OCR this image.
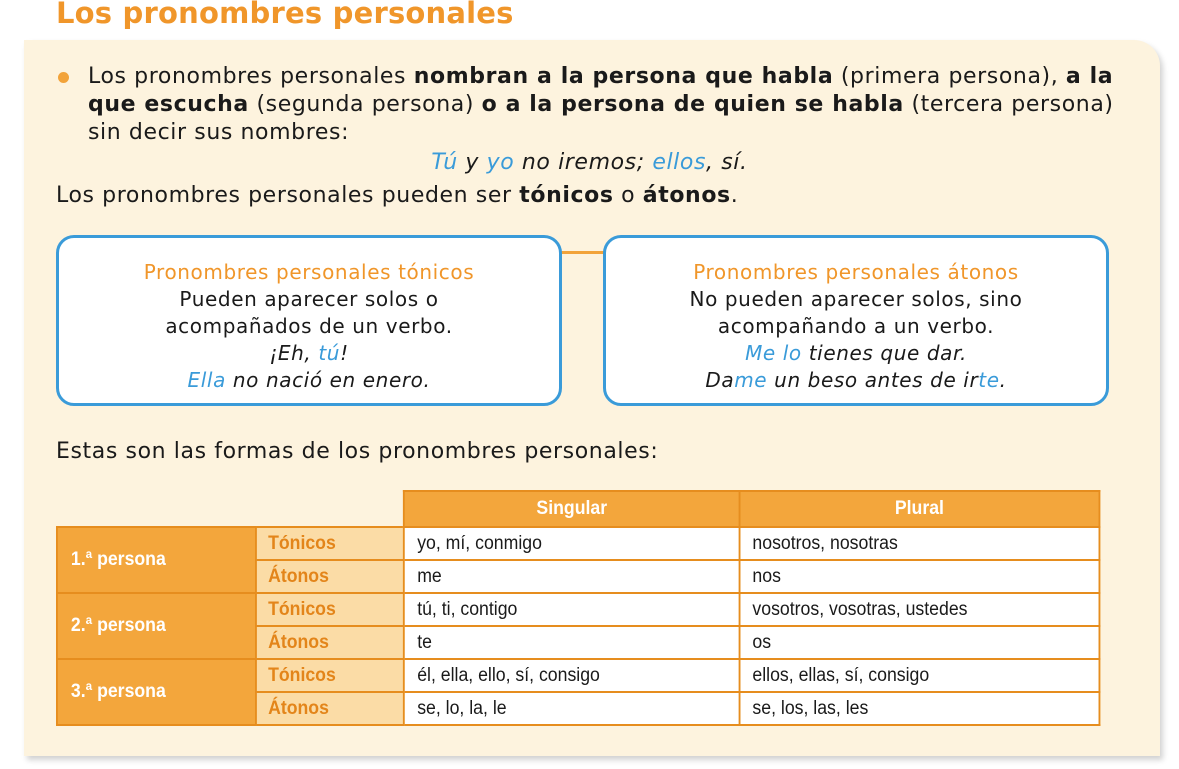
Los pronombres personales
Los pronombres personales nombran a la persona que habla (primera persona), a la que escucha (segunda persona) o a la persona de quien se habla (tercera persona) sin decir sus nombres:
Tú y yo no iremos; ellos, sí.
Los pronombres personales pueden ser tónicos o átonos.
Pronombres personales tónicos
Pueden aparecer solos o
acompañados de un verbo.
¡Eh, tú!
Ella no nació en enero.
Pronombres personales átonos
No pueden aparecer solos, sino
acompañando a un verbo.
Me lo tienes que dar.
Dame un beso antes de irte.
Estas son las formas de los pronombres personales:
		Singular	Plural
1.ª persona	Tónicos	yo, mí, conmigo	nosotros, nosotras
	Átonos	me	nos
2.ª persona	Tónicos	tú, ti, contigo	vosotros, vosotras, ustedes
	Átonos	te	os
3.ª persona	Tónicos	él, ella, ello, sí, consigo	ellos, ellas, sí, consigo
	Átonos	se, lo, la, le	se, los, las, les
